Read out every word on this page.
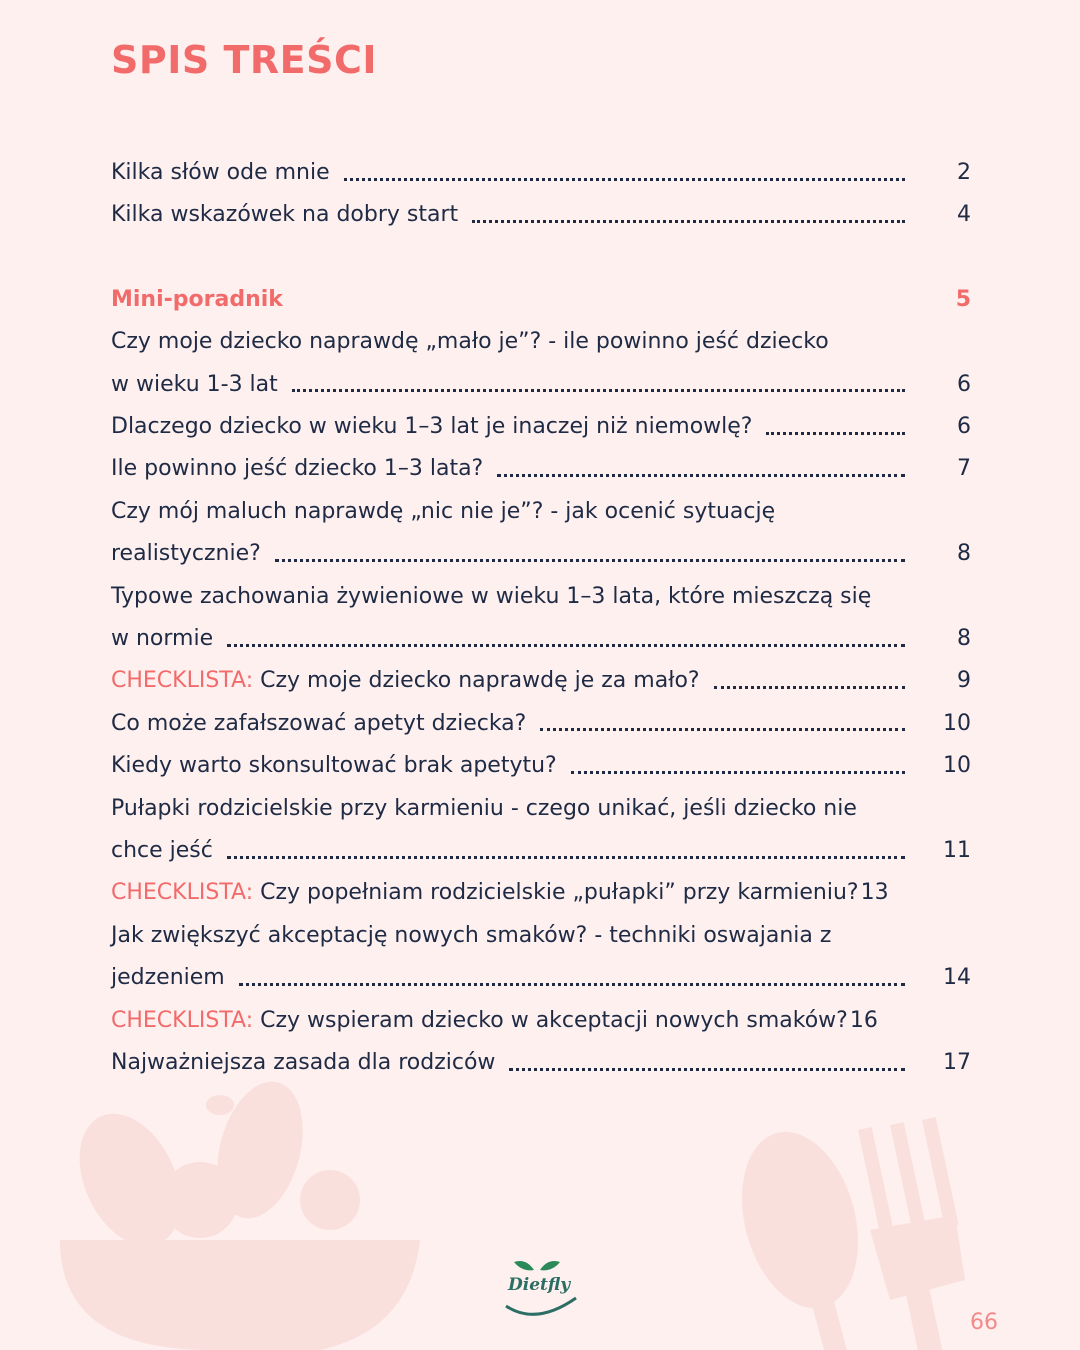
SPIS TREŚCI
Kilka słów ode mnie	2
Kilka wskazówek na dobry start	4
Mini-poradnik	5
Czy moje dziecko naprawdę „mało je”? - ile powinno jeść dziecko
w wieku 1-3 lat	6
Dlaczego dziecko w wieku 1–3 lat je inaczej niż niemowlę?	6
Ile powinno jeść dziecko 1–3 lata?	7
Czy mój maluch naprawdę „nic nie je”? - jak ocenić sytuację
realistycznie?	8
Typowe zachowania żywieniowe w wieku 1–3 lata, które mieszczą się
w normie	8
CHECKLISTA: Czy moje dziecko naprawdę je za mało?	9
Co może zafałszować apetyt dziecka?	10
Kiedy warto skonsultować brak apetytu?	10
Pułapki rodzicielskie przy karmieniu - czego unikać, jeśli dziecko nie
chce jeść	11
CHECKLISTA: Czy popełniam rodzicielskie „pułapki” przy karmieniu? 13
Jak zwiększyć akceptację nowych smaków? - techniki oswajania z
jedzeniem	14
CHECKLISTA: Czy wspieram dziecko w akceptacji nowych smaków? 16
Najważniejsza zasada dla rodziców	17
Dietfly
66
